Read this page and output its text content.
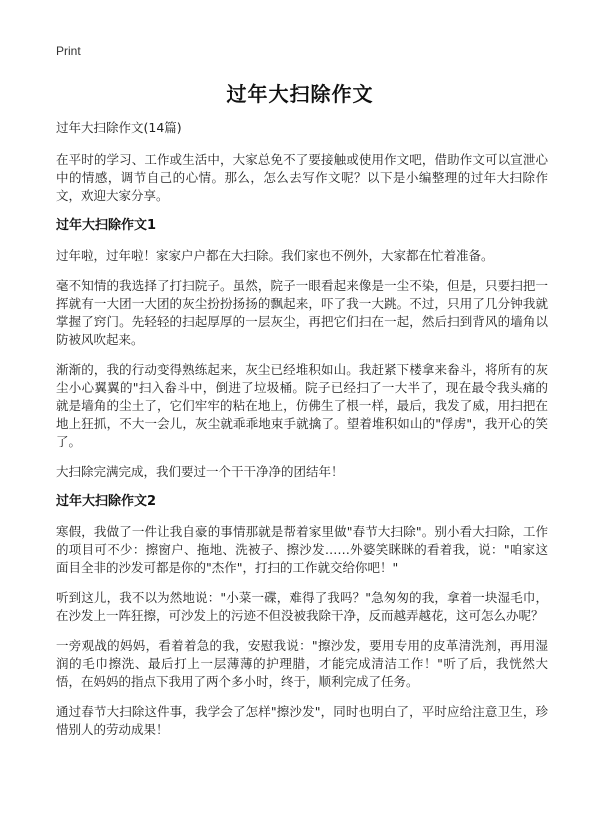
Print
过年大扫除作文
过年大扫除作文(14篇)

在平时的学习、工作或生活中，大家总免不了要接触或使用作文吧，借助作文可以宣泄心中的情感，调节自己的心情。那么，怎么去写作文呢？以下是小编整理的过年大扫除作文，欢迎大家分享。

过年大扫除作文1

过年啦，过年啦！家家户户都在大扫除。我们家也不例外，大家都在忙着准备。

毫不知情的我选择了打扫院子。虽然，院子一眼看起来像是一尘不染，但是，只要扫把一挥就有一大团一大团的灰尘扮扮扬扬的飘起来，吓了我一大跳。不过，只用了几分钟我就掌握了窍门。先轻轻的扫起厚厚的一层灰尘，再把它们扫在一起，然后扫到背风的墙角以防被风吹起来。

渐渐的，我的行动变得熟练起来，灰尘已经堆积如山。我赶紧下楼拿来畚斗，将所有的灰尘小心翼翼的"扫入畚斗中，倒进了垃圾桶。院子已经扫了一大半了，现在最令我头痛的就是墙角的尘土了，它们牢牢的粘在地上，仿佛生了根一样，最后，我发了威，用扫把在地上狂抓，不大一会儿，灰尘就乖乖地束手就擒了。望着堆积如山的"俘虏"，我开心的笑了。

大扫除完满完成，我们要过一个干干净净的团结年！

过年大扫除作文2

寒假，我做了一件让我自豪的事情那就是帮着家里做"春节大扫除"。别小看大扫除，工作的项目可不少：擦窗户、拖地、洗被子、擦沙发……外婆笑眯眯的看着我，说："咱家这面目全非的沙发可都是你的"杰作"，打扫的工作就交给你吧！"

听到这儿，我不以为然地说："小菜一碟，难得了我吗？"急匆匆的我，拿着一块湿毛巾，在沙发上一阵狂擦，可沙发上的污迹不但没被我除干净，反而越弄越花，这可怎么办呢？

一旁观战的妈妈，看着着急的我，安慰我说："擦沙发，要用专用的皮革清洗剂，再用湿润的毛巾擦洗、最后打上一层薄薄的护理腊，才能完成清洁工作！"听了后，我恍然大悟，在妈妈的指点下我用了两个多小时，终于，顺利完成了任务。

通过春节大扫除这件事，我学会了怎样"擦沙发"，同时也明白了，平时应给注意卫生，珍惜别人的劳动成果！
